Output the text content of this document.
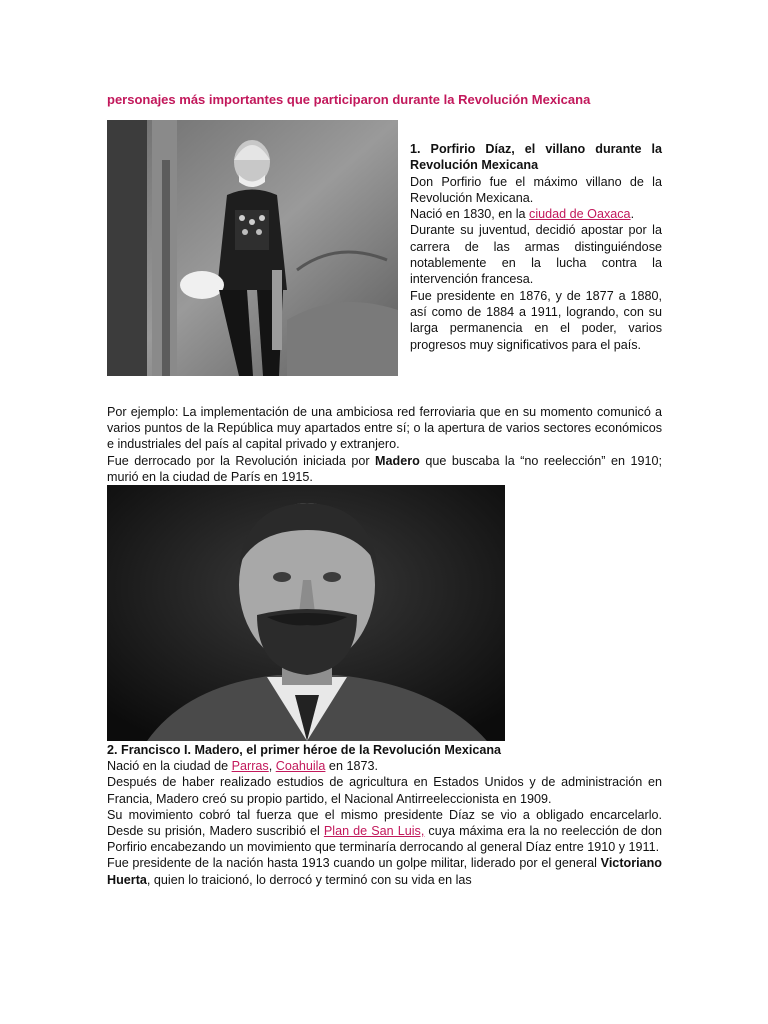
personajes más importantes que participaron durante la Revolución Mexicana

1. Porfirio Díaz, el villano durante la Revolución Mexicana

Don Porfirio fue el máximo villano de la Revolución Mexicana.

Nació en 1830, en la ciudad de Oaxaca.

Durante su juventud, decidió apostar por la carrera de las armas distinguiéndose notablemente en la lucha contra la intervención francesa.

Fue presidente en 1876, y de 1877 a 1880, así como de 1884 a 1911, logrando, con su larga permanencia en el poder, varios progresos muy significativos para el país.

Por ejemplo: La implementación de una ambiciosa red ferroviaria que en su momento comunicó a varios puntos de la República muy apartados entre sí; o la apertura de varios sectores económicos e industriales del país al capital privado y extranjero.

Fue derrocado por la Revolución iniciada por Madero que buscaba la “no reelección” en 1910; murió en la ciudad de París en 1915.

2. Francisco I. Madero, el primer héroe de la Revolución Mexicana

Nació en la ciudad de Parras, Coahuila en 1873.

Después de haber realizado estudios de agricultura en Estados Unidos y de administración en Francia, Madero creó su propio partido, el Nacional Antirreeleccionista en 1909.

Su movimiento cobró tal fuerza que el mismo presidente Díaz se vio a obligado encarcelarlo. Desde su prisión, Madero suscribió el Plan de San Luis, cuya máxima era la no reelección de don Porfirio encabezando un movimiento que terminaría derrocando al general Díaz entre 1910 y 1911.

Fue presidente de la nación hasta 1913 cuando un golpe militar, liderado por el general Victoriano Huerta, quien lo traicionó, lo derrocó y terminó con su vida en las
